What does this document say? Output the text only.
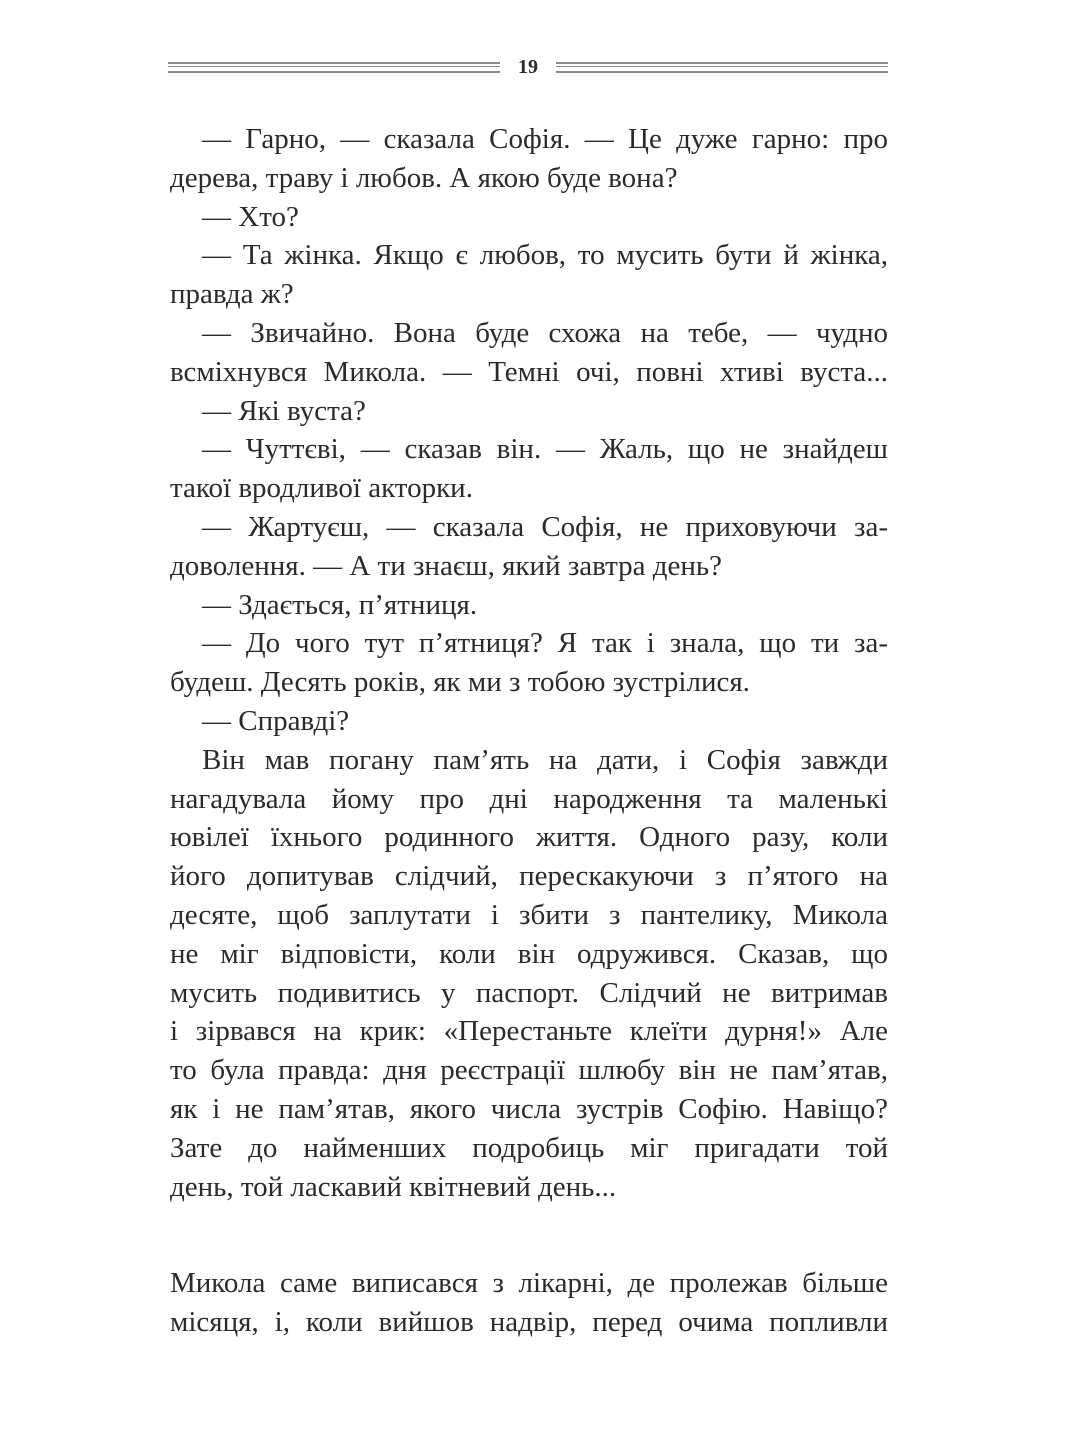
19

— Гарно, — сказала Софія. — Це дуже гарно: про

дерева, траву і любов. А якою буде вона?

— Хто?

— Та жінка. Якщо є любов, то мусить бути й жінка,

правда ж?

— Звичайно. Вона буде схожа на тебе, — чудно

всміхнувся Микола. — Темні очі, повні хтиві вуста...

— Які вуста?

— Чуттєві, — сказав він. — Жаль, що не знайдеш

такої вродливої акторки.

— Жартуєш, — сказала Софія, не приховуючи за-

доволення. — А ти знаєш, який завтра день?

— Здається, п’ятниця.

— До чого тут п’ятниця? Я так і знала, що ти за-

будеш. Десять років, як ми з тобою зустрілися.

— Справді?

Він мав погану пам’ять на дати, і Софія завжди

нагадувала йому про дні народження та маленькі

ювілеї їхнього родинного життя. Одного разу, коли

його допитував слідчий, перескакуючи з п’ятого на

десяте, щоб заплутати і збити з пантелику, Микола

не міг відповісти, коли він одружився. Сказав, що

мусить подивитись у паспорт. Слідчий не витримав

і зірвався на крик: «Перестаньте клеїти дурня!» Але

то була правда: дня реєстрації шлюбу він не пам’ятав,

як і не пам’ятав, якого числа зустрів Софію. Навіщо?

Зате до найменших подробиць міг пригадати той

день, той ласкавий квітневий день...

Микола саме виписався з лікарні, де пролежав більше

місяця, і, коли вийшов надвір, перед очима попливли
